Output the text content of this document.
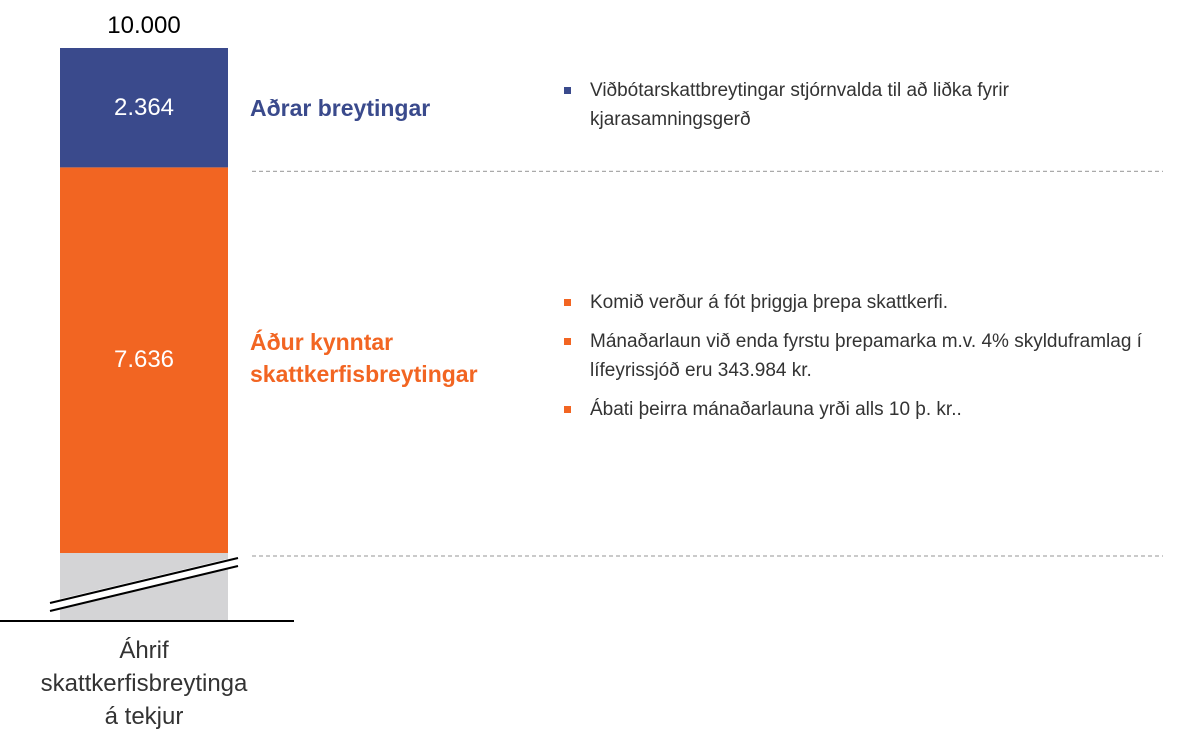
10.000
2.364
7.636
Aðrar breytingar
Áður kynntar skattkerfisbreytingar
Viðbótarskattbreytingar stjórnvalda til að liðka fyrir kjarasamningsgerð
Komið verður á fót þriggja þrepa skattkerfi.
Mánaðarlaun við enda fyrstu þrepamarka m.v. 4% skylduframlag í lífeyrissjóð eru 343.984 kr.
Ábati þeirra mánaðarlauna yrði alls 10 þ. kr..
Áhrif
skattkerfisbreytinga
á tekjur
